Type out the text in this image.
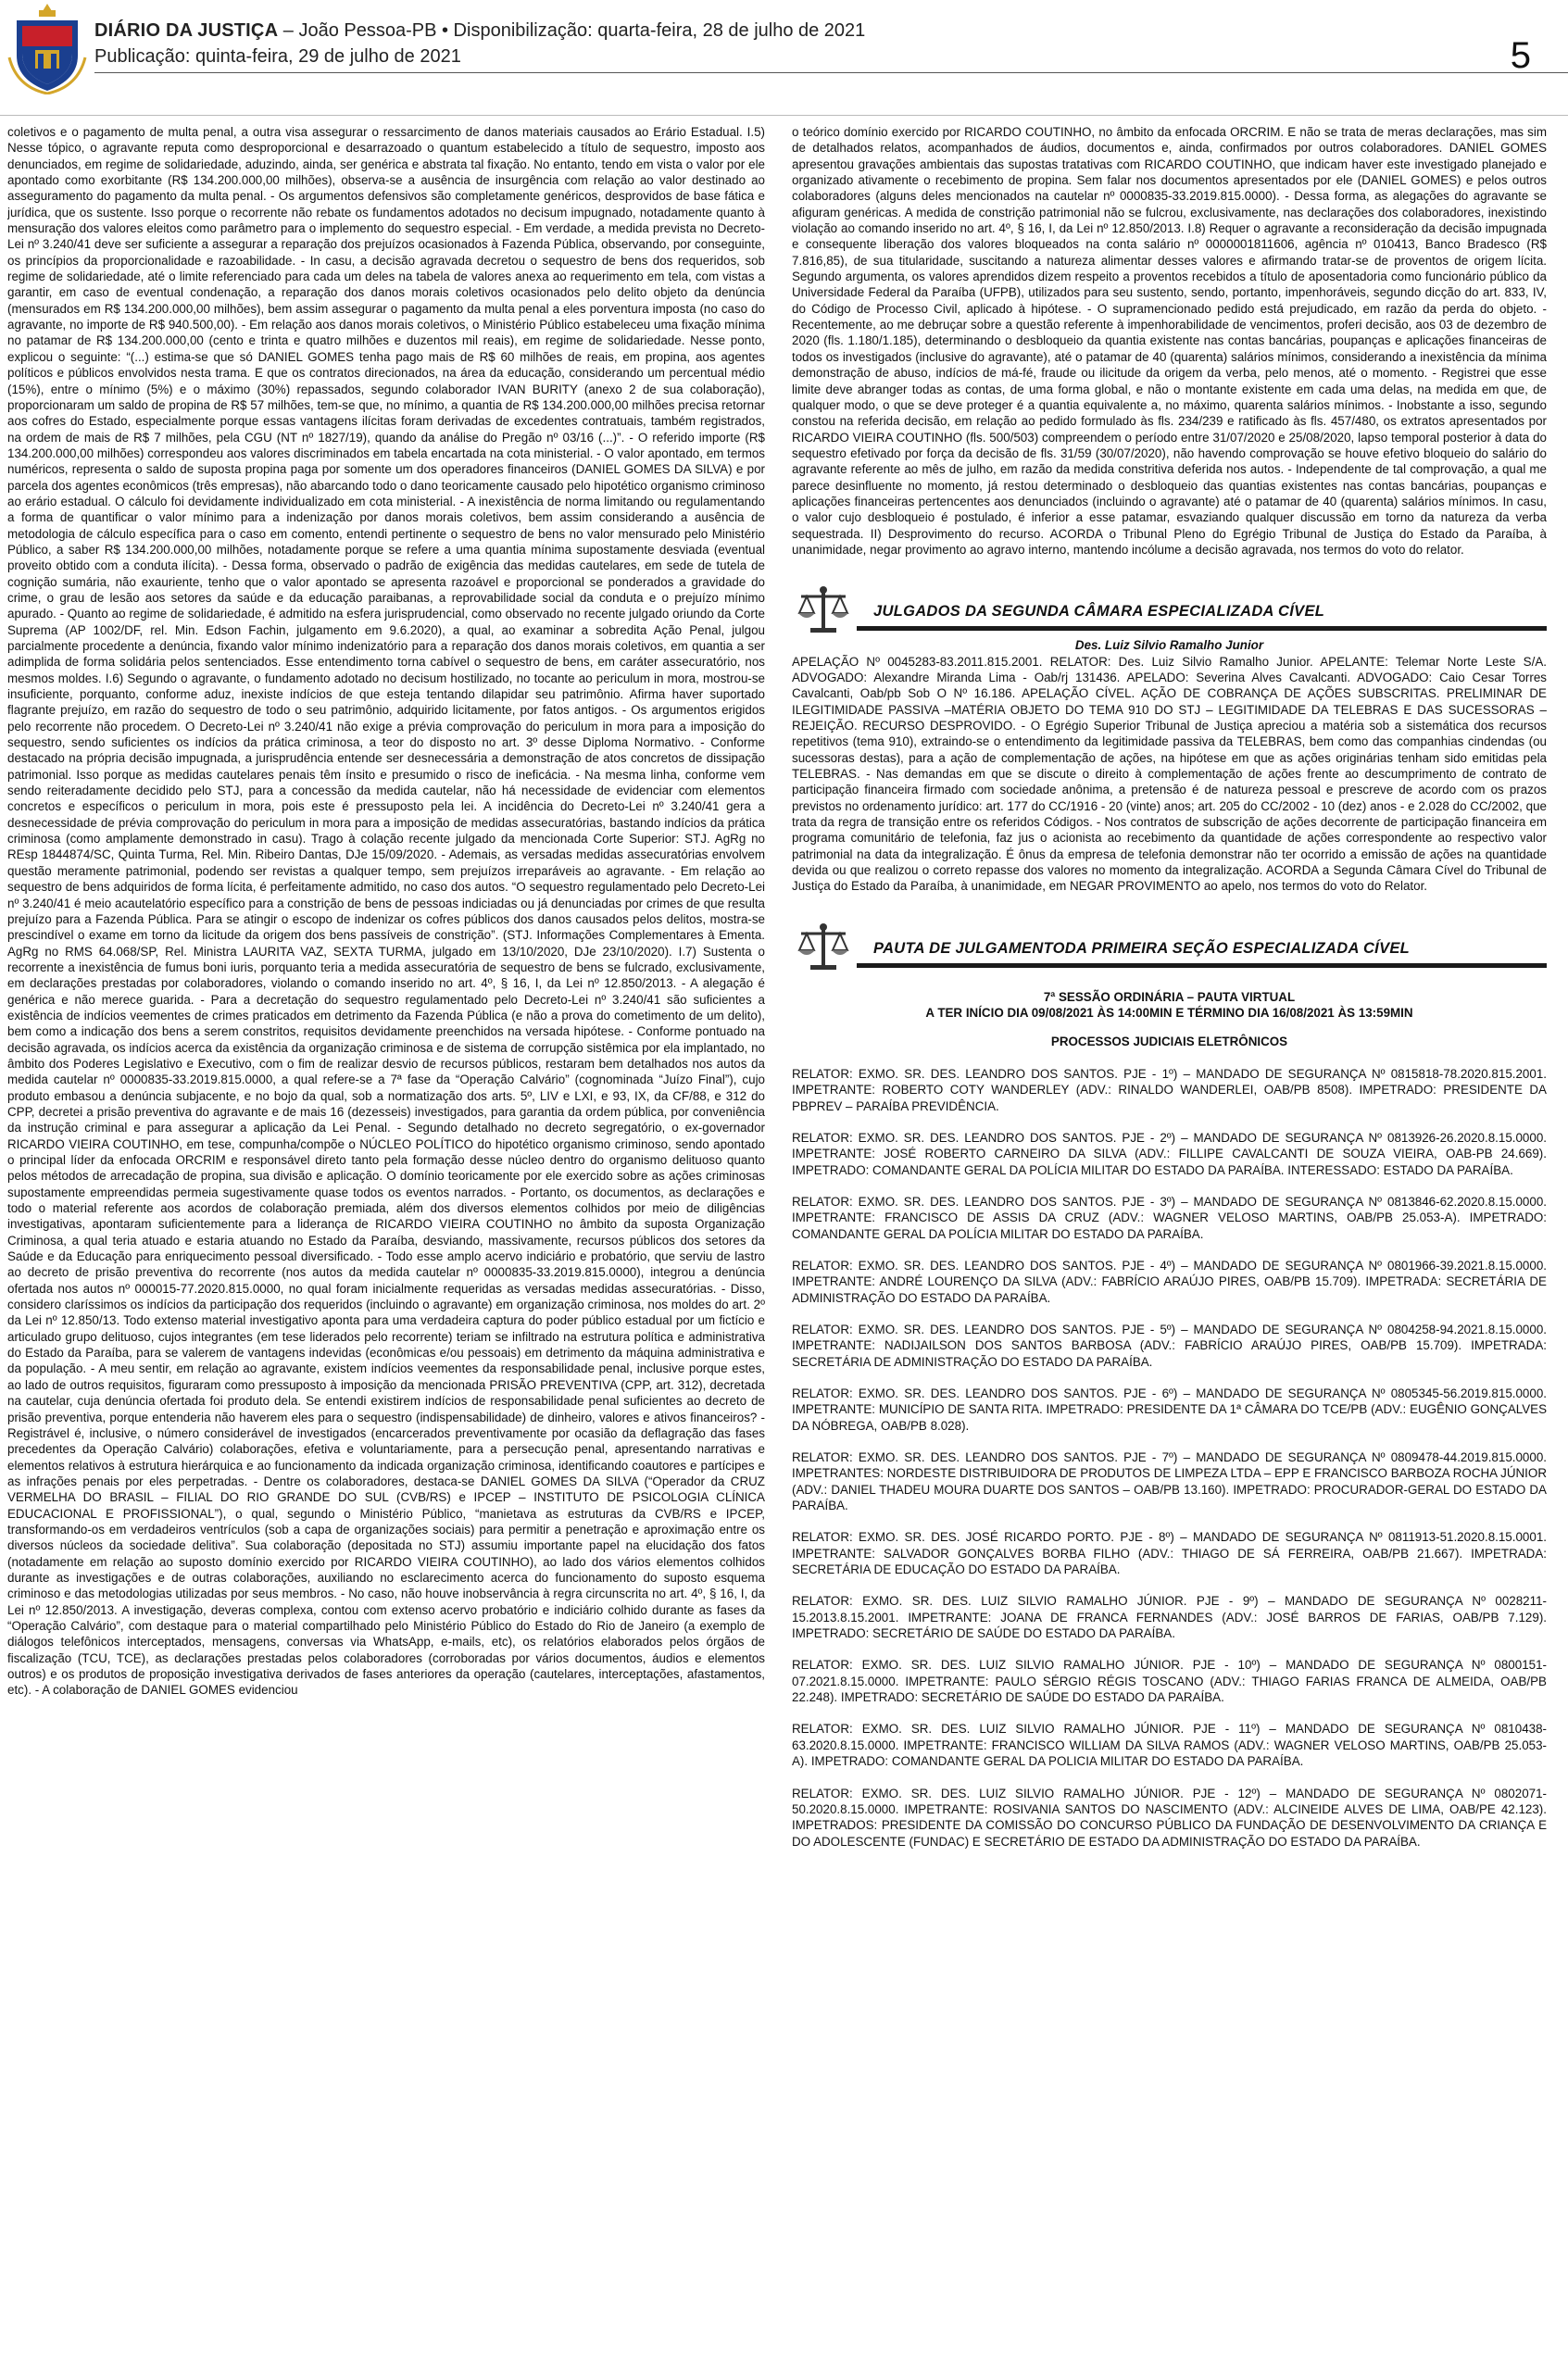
DIÁRIO DA JUSTIÇA – João Pessoa-PB • Disponibilização: quarta-feira, 28 de julho de 2021
Publicação: quinta-feira, 29 de julho de 2021	5

coletivos e o pagamento de multa penal, a outra visa assegurar o ressarcimento de danos materiais causados ao Erário Estadual. I.5) Nesse tópico, o agravante reputa como desproporcional e desarrazoado o quantum estabelecido a título de sequestro, imposto aos denunciados, em regime de solidariedade, aduzindo, ainda, ser genérica e abstrata tal fixação. No entanto, tendo em vista o valor por ele apontado como exorbitante (R$ 134.200.000,00 milhões), observa-se a ausência de insurgência com relação ao valor destinado ao asseguramento do pagamento da multa penal. - Os argumentos defensivos são completamente genéricos, desprovidos de base fática e jurídica, que os sustente. Isso porque o recorrente não rebate os fundamentos adotados no decisum impugnado, notadamente quanto à mensuração dos valores eleitos como parâmetro para o implemento do sequestro especial. - Em verdade, a medida prevista no Decreto-Lei nº 3.240/41 deve ser suficiente a assegurar a reparação dos prejuízos ocasionados à Fazenda Pública, observando, por conseguinte, os princípios da proporcionalidade e razoabilidade. - In casu, a decisão agravada decretou o sequestro de bens dos requeridos, sob regime de solidariedade, até o limite referenciado para cada um deles na tabela de valores anexa ao requerimento em tela, com vistas a garantir, em caso de eventual condenação, a reparação dos danos morais coletivos ocasionados pelo delito objeto da denúncia (mensurados em R$ 134.200.000,00 milhões), bem assim assegurar o pagamento da multa penal a eles porventura imposta (no caso do agravante, no importe de R$ 940.500,00). - Em relação aos danos morais coletivos, o Ministério Público estabeleceu uma fixação mínima no patamar de R$ 134.200.000,00 (cento e trinta e quatro milhões e duzentos mil reais), em regime de solidariedade. Nesse ponto, explicou o seguinte: “(...) estima-se que só DANIEL GOMES tenha pago mais de R$ 60 milhões de reais, em propina, aos agentes políticos e públicos envolvidos nesta trama. E que os contratos direcionados, na área da educação, considerando um percentual médio (15%), entre o mínimo (5%) e o máximo (30%) repassados, segundo colaborador IVAN BURITY (anexo 2 de sua colaboração), proporcionaram um saldo de propina de R$ 57 milhões, tem-se que, no mínimo, a quantia de R$ 134.200.000,00 milhões precisa retornar aos cofres do Estado, especialmente porque essas vantagens ilícitas foram derivadas de excedentes contratuais, também registrados, na ordem de mais de R$ 7 milhões, pela CGU (NT nº 1827/19), quando da análise do Pregão nº 03/16 (...)”. - O referido importe (R$ 134.200.000,00 milhões) correspondeu aos valores discriminados em tabela encartada na cota ministerial. - O valor apontado, em termos numéricos, representa o saldo de suposta propina paga por somente um dos operadores financeiros (DANIEL GOMES DA SILVA) e por parcela dos agentes econômicos (três empresas), não abarcando todo o dano teoricamente causado pelo hipotético organismo criminoso ao erário estadual. O cálculo foi devidamente individualizado em cota ministerial. - A inexistência de norma limitando ou regulamentando a forma de quantificar o valor mínimo para a indenização por danos morais coletivos, bem assim considerando a ausência de metodologia de cálculo específica para o caso em comento, entendi pertinente o sequestro de bens no valor mensurado pelo Ministério Público, a saber R$ 134.200.000,00 milhões, notadamente porque se refere a uma quantia mínima supostamente desviada (eventual proveito obtido com a conduta ilícita). - Dessa forma, observado o padrão de exigência das medidas cautelares, em sede de tutela de cognição sumária, não exauriente, tenho que o valor apontado se apresenta razoável e proporcional se ponderados a gravidade do crime, o grau de lesão aos setores da saúde e da educação paraibanas, a reprovabilidade social da conduta e o prejuízo mínimo apurado. - Quanto ao regime de solidariedade, é admitido na esfera jurisprudencial, como observado no recente julgado oriundo da Corte Suprema (AP 1002/DF, rel. Min. Edson Fachin, julgamento em 9.6.2020), a qual, ao examinar a sobredita Ação Penal, julgou parcialmente procedente a denúncia, fixando valor mínimo indenizatório para a reparação dos danos morais coletivos, em quantia a ser adimplida de forma solidária pelos sentenciados. Esse entendimento torna cabível o sequestro de bens, em caráter assecuratório, nos mesmos moldes. I.6) Segundo o agravante, o fundamento adotado no decisum hostilizado, no tocante ao periculum in mora, mostrou-se insuficiente, porquanto, conforme aduz, inexiste indícios de que esteja tentando dilapidar seu patrimônio. Afirma haver suportado flagrante prejuízo, em razão do sequestro de todo o seu patrimônio, adquirido licitamente, por fatos antigos. - Os argumentos erigidos pelo recorrente não procedem. O Decreto-Lei nº 3.240/41 não exige a prévia comprovação do periculum in mora para a imposição do sequestro, sendo suficientes os indícios da prática criminosa, a teor do disposto no art. 3º desse Diploma Normativo. - Conforme destacado na própria decisão impugnada, a jurisprudência entende ser desnecessária a demonstração de atos concretos de dissipação patrimonial. Isso porque as medidas cautelares penais têm ínsito e presumido o risco de ineficácia. - Na mesma linha, conforme vem sendo reiteradamente decidido pelo STJ, para a concessão da medida cautelar, não há necessidade de evidenciar com elementos concretos e específicos o periculum in mora, pois este é pressuposto pela lei. A incidência do Decreto-Lei nº 3.240/41 gera a desnecessidade de prévia comprovação do periculum in mora para a imposição de medidas assecuratórias, bastando indícios da prática criminosa (como amplamente demonstrado in casu). Trago à colação recente julgado da mencionada Corte Superior: STJ. AgRg no REsp 1844874/SC, Quinta Turma, Rel. Min. Ribeiro Dantas, DJe 15/09/2020. - Ademais, as versadas medidas assecuratórias envolvem questão meramente patrimonial, podendo ser revistas a qualquer tempo, sem prejuízos irreparáveis ao agravante. - Em relação ao sequestro de bens adquiridos de forma lícita, é perfeitamente admitido, no caso dos autos. “O sequestro regulamentado pelo Decreto-Lei nº 3.240/41 é meio acautelatório específico para a constrição de bens de pessoas indiciadas ou já denunciadas por crimes de que resulta prejuízo para a Fazenda Pública. Para se atingir o escopo de indenizar os cofres públicos dos danos causados pelos delitos, mostra-se prescindível o exame em torno da licitude da origem dos bens passíveis de constrição”. (STJ. Informações Complementares à Ementa. AgRg no RMS 64.068/SP, Rel. Ministra LAURITA VAZ, SEXTA TURMA, julgado em 13/10/2020, DJe 23/10/2020). I.7) Sustenta o recorrente a inexistência de fumus boni iuris, porquanto teria a medida assecuratória de sequestro de bens se fulcrado, exclusivamente, em declarações prestadas por colaboradores, violando o comando inserido no art. 4º, § 16, I, da Lei nº 12.850/2013. - A alegação é genérica e não merece guarida. - Para a decretação do sequestro regulamentado pelo Decreto-Lei nº 3.240/41 são suficientes a existência de indícios veementes de crimes praticados em detrimento da Fazenda Pública (e não a prova do cometimento de um delito), bem como a indicação dos bens a serem constritos, requisitos devidamente preenchidos na versada hipótese. - Conforme pontuado na decisão agravada, os indícios acerca da existência da organização criminosa e de sistema de corrupção sistêmica por ela implantado, no âmbito dos Poderes Legislativo e Executivo, com o fim de realizar desvio de recursos públicos, restaram bem detalhados nos autos da medida cautelar nº 0000835-33.2019.815.0000, a qual refere-se a 7ª fase da “Operação Calvário” (cognominada “Juízo Final”), cujo produto embasou a denúncia subjacente, e no bojo da qual, sob a normatização dos arts. 5º, LIV e LXI, e 93, IX, da CF/88, e 312 do CPP, decretei a prisão preventiva do agravante e de mais 16 (dezesseis) investigados, para garantia da ordem pública, por conveniência da instrução criminal e para assegurar a aplicação da Lei Penal. - Segundo detalhado no decreto segregatório, o ex-governador RICARDO VIEIRA COUTINHO, em tese, compunha/compõe o NÚCLEO POLÍTICO do hipotético organismo criminoso, sendo apontado o principal líder da enfocada ORCRIM e responsável direto tanto pela formação desse núcleo dentro do organismo delituoso quanto pelos métodos de arrecadação de propina, sua divisão e aplicação. O domínio teoricamente por ele exercido sobre as ações criminosas supostamente empreendidas permeia sugestivamente quase todos os eventos narrados. - Portanto, os documentos, as declarações e todo o material referente aos acordos de colaboração premiada, além dos diversos elementos colhidos por meio de diligências investigativas, apontaram suficientemente para a liderança de RICARDO VIEIRA COUTINHO no âmbito da suposta Organização Criminosa, a qual teria atuado e estaria atuando no Estado da Paraíba, desviando, massivamente, recursos públicos dos setores da Saúde e da Educação para enriquecimento pessoal diversificado. - Todo esse amplo acervo indiciário e probatório, que serviu de lastro ao decreto de prisão preventiva do recorrente (nos autos da medida cautelar nº 0000835-33.2019.815.0000), integrou a denúncia ofertada nos autos nº 000015-77.2020.815.0000, no qual foram inicialmente requeridas as versadas medidas assecuratórias. - Disso, considero claríssimos os indícios da participação dos requeridos (incluindo o agravante) em organização criminosa, nos moldes do art. 2º da Lei nº 12.850/13. Todo extenso material investigativo aponta para uma verdadeira captura do poder público estadual por um fictício e articulado grupo delituoso, cujos integrantes (em tese liderados pelo recorrente) teriam se infiltrado na estrutura política e administrativa do Estado da Paraíba, para se valerem de vantagens indevidas (econômicas e/ou pessoais) em detrimento da máquina administrativa e da população. - A meu sentir, em relação ao agravante, existem indícios veementes da responsabilidade penal, inclusive porque estes, ao lado de outros requisitos, figuraram como pressuposto à imposição da mencionada PRISÃO PREVENTIVA (CPP, art. 312), decretada na cautelar, cuja denúncia ofertada foi produto dela. Se entendi existirem indícios de responsabilidade penal suficientes ao decreto de prisão preventiva, porque entenderia não haverem eles para o sequestro (indispensabilidade) de dinheiro, valores e ativos financeiros? - Registrável é, inclusive, o número considerável de investigados (encarcerados preventivamente por ocasião da deflagração das fases precedentes da Operação Calvário) colaborações, efetiva e voluntariamente, para a persecução penal, apresentando narrativas e elementos relativos à estrutura hierárquica e ao funcionamento da indicada organização criminosa, identificando coautores e partícipes e as infrações penais por eles perpetradas. - Dentre os colaboradores, destaca-se DANIEL GOMES DA SILVA (“Operador da CRUZ VERMELHA DO BRASIL – FILIAL DO RIO GRANDE DO SUL (CVB/RS) e IPCEP – INSTITUTO DE PSICOLOGIA CLÍNICA EDUCACIONAL E PROFISSIONAL”), o qual, segundo o Ministério Público, “manietava as estruturas da CVB/RS e IPCEP, transformando-os em verdadeiros ventrículos (sob a capa de organizações sociais) para permitir a penetração e aproximação entre os diversos núcleos da sociedade delitiva”. Sua colaboração (depositada no STJ) assumiu importante papel na elucidação dos fatos (notadamente em relação ao suposto domínio exercido por RICARDO VIEIRA COUTINHO), ao lado dos vários elementos colhidos durante as investigações e de outras colaborações, auxiliando no esclarecimento acerca do funcionamento do suposto esquema criminoso e das metodologias utilizadas por seus membros. - No caso, não houve inobservância à regra circunscrita no art. 4º, § 16, I, da Lei nº 12.850/2013. A investigação, deveras complexa, contou com extenso acervo probatório e indiciário colhido durante as fases da “Operação Calvário”, com destaque para o material compartilhado pelo Ministério Público do Estado do Rio de Janeiro (a exemplo de diálogos telefônicos interceptados, mensagens, conversas via WhatsApp, e-mails, etc), os relatórios elaborados pelos órgãos de fiscalização (TCU, TCE), as declarações prestadas pelos colaboradores (corroboradas por vários documentos, áudios e elementos outros) e os produtos de proposição investigativa derivados de fases anteriores da operação (cautelares, interceptações, afastamentos, etc). - A colaboração de DANIEL GOMES evidenciou

o teórico domínio exercido por RICARDO COUTINHO, no âmbito da enfocada ORCRIM. E não se trata de meras declarações, mas sim de detalhados relatos, acompanhados de áudios, documentos e, ainda, confirmados por outros colaboradores. DANIEL GOMES apresentou gravações ambientais das supostas tratativas com RICARDO COUTINHO, que indicam haver este investigado planejado e organizado ativamente o recebimento de propina. Sem falar nos documentos apresentados por ele (DANIEL GOMES) e pelos outros colaboradores (alguns deles mencionados na cautelar nº 0000835-33.2019.815.0000). - Dessa forma, as alegações do agravante se afiguram genéricas. A medida de constrição patrimonial não se fulcrou, exclusivamente, nas declarações dos colaboradores, inexistindo violação ao comando inserido no art. 4º, § 16, I, da Lei nº 12.850/2013. I.8) Requer o agravante a reconsideração da decisão impugnada e consequente liberação dos valores bloqueados na conta salário nº 0000001811606, agência nº 010413, Banco Bradesco (R$ 7.816,85), de sua titularidade, suscitando a natureza alimentar desses valores e afirmando tratar-se de proventos de origem lícita. Segundo argumenta, os valores aprendidos dizem respeito a proventos recebidos a título de aposentadoria como funcionário público da Universidade Federal da Paraíba (UFPB), utilizados para seu sustento, sendo, portanto, impenhoráveis, segundo dicção do art. 833, IV, do Código de Processo Civil, aplicado à hipótese. - O supramencionado pedido está prejudicado, em razão da perda do objeto. - Recentemente, ao me debruçar sobre a questão referente à impenhorabilidade de vencimentos, proferi decisão, aos 03 de dezembro de 2020 (fls. 1.180/1.185), determinando o desbloqueio da quantia existente nas contas bancárias, poupanças e aplicações financeiras de todos os investigados (inclusive do agravante), até o patamar de 40 (quarenta) salários mínimos, considerando a inexistência da mínima demonstração de abuso, indícios de má-fé, fraude ou ilicitude da origem da verba, pelo menos, até o momento. - Registrei que esse limite deve abranger todas as contas, de uma forma global, e não o montante existente em cada uma delas, na medida em que, de qualquer modo, o que se deve proteger é a quantia equivalente a, no máximo, quarenta salários mínimos. - Inobstante a isso, segundo constou na referida decisão, em relação ao pedido formulado às fls. 234/239 e ratificado às fls. 457/480, os extratos apresentados por RICARDO VIEIRA COUTINHO (fls. 500/503) compreendem o período entre 31/07/2020 e 25/08/2020, lapso temporal posterior à data do sequestro efetivado por força da decisão de fls. 31/59 (30/07/2020), não havendo comprovação se houve efetivo bloqueio do salário do agravante referente ao mês de julho, em razão da medida constritiva deferida nos autos. - Independente de tal comprovação, a qual me parece desinfluente no momento, já restou determinado o desbloqueio das quantias existentes nas contas bancárias, poupanças e aplicações financeiras pertencentes aos denunciados (incluindo o agravante) até o patamar de 40 (quarenta) salários mínimos. In casu, o valor cujo desbloqueio é postulado, é inferior a esse patamar, esvaziando qualquer discussão em torno da natureza da verba sequestrada. II) Desprovimento do recurso. ACORDA o Tribunal Pleno do Egrégio Tribunal de Justiça do Estado da Paraíba, à unanimidade, negar provimento ao agravo interno, mantendo incólume a decisão agravada, nos termos do voto do relator.

JULGADOS DA SEGUNDA CÂMARA ESPECIALIZADA CÍVEL

Des. Luiz Silvio Ramalho Junior

APELAÇÃO Nº 0045283-83.2011.815.2001. RELATOR: Des. Luiz Silvio Ramalho Junior. APELANTE: Telemar Norte Leste S/A. ADVOGADO: Alexandre Miranda Lima - Oab/rj 131436. APELADO: Severina Alves Cavalcanti. ADVOGADO: Caio Cesar Torres Cavalcanti, Oab/pb Sob O Nº 16.186. APELAÇÃO CÍVEL. AÇÃO DE COBRANÇA DE AÇÕES SUBSCRITAS. PRELIMINAR DE ILEGITIMIDADE PASSIVA –MATÉRIA OBJETO DO TEMA 910 DO STJ – LEGITIMIDADE DA TELEBRAS E DAS SUCESSORAS – REJEIÇÃO. RECURSO DESPROVIDO. - O Egrégio Superior Tribunal de Justiça apreciou a matéria sob a sistemática dos recursos repetitivos (tema 910), extraindo-se o entendimento da legitimidade passiva da TELEBRAS, bem como das companhias cindendas (ou sucessoras destas), para a ação de complementação de ações, na hipótese em que as ações originárias tenham sido emitidas pela TELEBRAS. - Nas demandas em que se discute o direito à complementação de ações frente ao descumprimento de contrato de participação financeira firmado com sociedade anônima, a pretensão é de natureza pessoal e prescreve de acordo com os prazos previstos no ordenamento jurídico: art. 177 do CC/1916 - 20 (vinte) anos; art. 205 do CC/2002 - 10 (dez) anos - e 2.028 do CC/2002, que trata da regra de transição entre os referidos Códigos. - Nos contratos de subscrição de ações decorrente de participação financeira em programa comunitário de telefonia, faz jus o acionista ao recebimento da quantidade de ações correspondente ao respectivo valor patrimonial na data da integralização. É ônus da empresa de telefonia demonstrar não ter ocorrido a emissão de ações na quantidade devida ou que realizou o correto repasse dos valores no momento da integralização. ACORDA a Segunda Câmara Cível do Tribunal de Justiça do Estado da Paraíba, à unanimidade, em NEGAR PROVIMENTO ao apelo, nos termos do voto do Relator.

PAUTA DE JULGAMENTODA PRIMEIRA SEÇÃO ESPECIALIZADA CÍVEL

7ª SESSÃO ORDINÁRIA – PAUTA VIRTUAL

A TER INÍCIO DIA 09/08/2021 ÀS 14:00MIN E TÉRMINO DIA 16/08/2021 ÀS 13:59MIN

PROCESSOS JUDICIAIS ELETRÔNICOS

RELATOR: EXMO. SR. DES. LEANDRO DOS SANTOS. PJE - 1º) – MANDADO DE SEGURANÇA Nº 0815818-78.2020.815.2001. IMPETRANTE: ROBERTO COTY WANDERLEY (ADV.: RINALDO WANDERLEI, OAB/PB 8508). IMPETRADO: PRESIDENTE DA PBPREV – PARAÍBA PREVIDÊNCIA.

RELATOR: EXMO. SR. DES. LEANDRO DOS SANTOS. PJE - 2º) – MANDADO DE SEGURANÇA Nº 0813926-26.2020.8.15.0000. IMPETRANTE: JOSÉ ROBERTO CARNEIRO DA SILVA (ADV.: FILLIPE CAVALCANTI DE SOUZA VIEIRA, OAB-PB 24.669). IMPETRADO: COMANDANTE GERAL DA POLÍCIA MILITAR DO ESTADO DA PARAÍBA. INTERESSADO: ESTADO DA PARAÍBA.

RELATOR: EXMO. SR. DES. LEANDRO DOS SANTOS. PJE - 3º) – MANDADO DE SEGURANÇA Nº 0813846-62.2020.8.15.0000. IMPETRANTE: FRANCISCO DE ASSIS DA CRUZ (ADV.: WAGNER VELOSO MARTINS, OAB/PB 25.053-A). IMPETRADO: COMANDANTE GERAL DA POLÍCIA MILITAR DO ESTADO DA PARAÍBA.

RELATOR: EXMO. SR. DES. LEANDRO DOS SANTOS. PJE - 4º) – MANDADO DE SEGURANÇA Nº 0801966-39.2021.8.15.0000. IMPETRANTE: ANDRÉ LOURENÇO DA SILVA (ADV.: FABRÍCIO ARAÚJO PIRES, OAB/PB 15.709). IMPETRADA: SECRETÁRIA DE ADMINISTRAÇÃO DO ESTADO DA PARAÍBA.

RELATOR: EXMO. SR. DES. LEANDRO DOS SANTOS. PJE - 5º) – MANDADO DE SEGURANÇA Nº 0804258-94.2021.8.15.0000. IMPETRANTE: NADIJAILSON DOS SANTOS BARBOSA (ADV.: FABRÍCIO ARAÚJO PIRES, OAB/PB 15.709). IMPETRADA: SECRETÁRIA DE ADMINISTRAÇÃO DO ESTADO DA PARAÍBA.

RELATOR: EXMO. SR. DES. LEANDRO DOS SANTOS. PJE - 6º) – MANDADO DE SEGURANÇA Nº 0805345-56.2019.815.0000. IMPETRANTE: MUNICÍPIO DE SANTA RITA. IMPETRADO: PRESIDENTE DA 1ª CÂMARA DO TCE/PB (ADV.: EUGÊNIO GONÇALVES DA NÓBREGA, OAB/PB 8.028).

RELATOR: EXMO. SR. DES. LEANDRO DOS SANTOS. PJE - 7º) – MANDADO DE SEGURANÇA Nº 0809478-44.2019.815.0000. IMPETRANTES: NORDESTE DISTRIBUIDORA DE PRODUTOS DE LIMPEZA LTDA – EPP E FRANCISCO BARBOZA ROCHA JÚNIOR (ADV.: DANIEL THADEU MOURA DUARTE DOS SANTOS – OAB/PB 13.160). IMPETRADO: PROCURADOR-GERAL DO ESTADO DA PARAÍBA.

RELATOR: EXMO. SR. DES. JOSÉ RICARDO PORTO. PJE - 8º) – MANDADO DE SEGURANÇA Nº 0811913-51.2020.8.15.0001. IMPETRANTE: SALVADOR GONÇALVES BORBA FILHO (ADV.: THIAGO DE SÁ FERREIRA, OAB/PB 21.667). IMPETRADA: SECRETÁRIA DE EDUCAÇÃO DO ESTADO DA PARAÍBA.

RELATOR: EXMO. SR. DES. LUIZ SILVIO RAMALHO JÚNIOR. PJE - 9º) – MANDADO DE SEGURANÇA Nº 0028211-15.2013.8.15.2001. IMPETRANTE: JOANA DE FRANCA FERNANDES (ADV.: JOSÉ BARROS DE FARIAS, OAB/PB 7.129). IMPETRADO: SECRETÁRIO DE SAÚDE DO ESTADO DA PARAÍBA.

RELATOR: EXMO. SR. DES. LUIZ SILVIO RAMALHO JÚNIOR. PJE - 10º) – MANDADO DE SEGURANÇA Nº 0800151-07.2021.8.15.0000. IMPETRANTE: PAULO SÉRGIO RÉGIS TOSCANO (ADV.: THIAGO FARIAS FRANCA DE ALMEIDA, OAB/PB 22.248). IMPETRADO: SECRETÁRIO DE SAÚDE DO ESTADO DA PARAÍBA.

RELATOR: EXMO. SR. DES. LUIZ SILVIO RAMALHO JÚNIOR. PJE - 11º) – MANDADO DE SEGURANÇA Nº 0810438-63.2020.8.15.0000. IMPETRANTE: FRANCISCO WILLIAM DA SILVA RAMOS (ADV.: WAGNER VELOSO MARTINS, OAB/PB 25.053-A). IMPETRADO: COMANDANTE GERAL DA POLICIA MILITAR DO ESTADO DA PARAÍBA.

RELATOR: EXMO. SR. DES. LUIZ SILVIO RAMALHO JÚNIOR. PJE - 12º) – MANDADO DE SEGURANÇA Nº 0802071-50.2020.8.15.0000. IMPETRANTE: ROSIVANIA SANTOS DO NASCIMENTO (ADV.: ALCINEIDE ALVES DE LIMA, OAB/PE 42.123). IMPETRADOS: PRESIDENTE DA COMISSÃO DO CONCURSO PÚBLICO DA FUNDAÇÃO DE DESENVOLVIMENTO DA CRIANÇA E DO ADOLESCENTE (FUNDAC) E SECRETÁRIO DE ESTADO DA ADMINISTRAÇÃO DO ESTADO DA PARAÍBA.
